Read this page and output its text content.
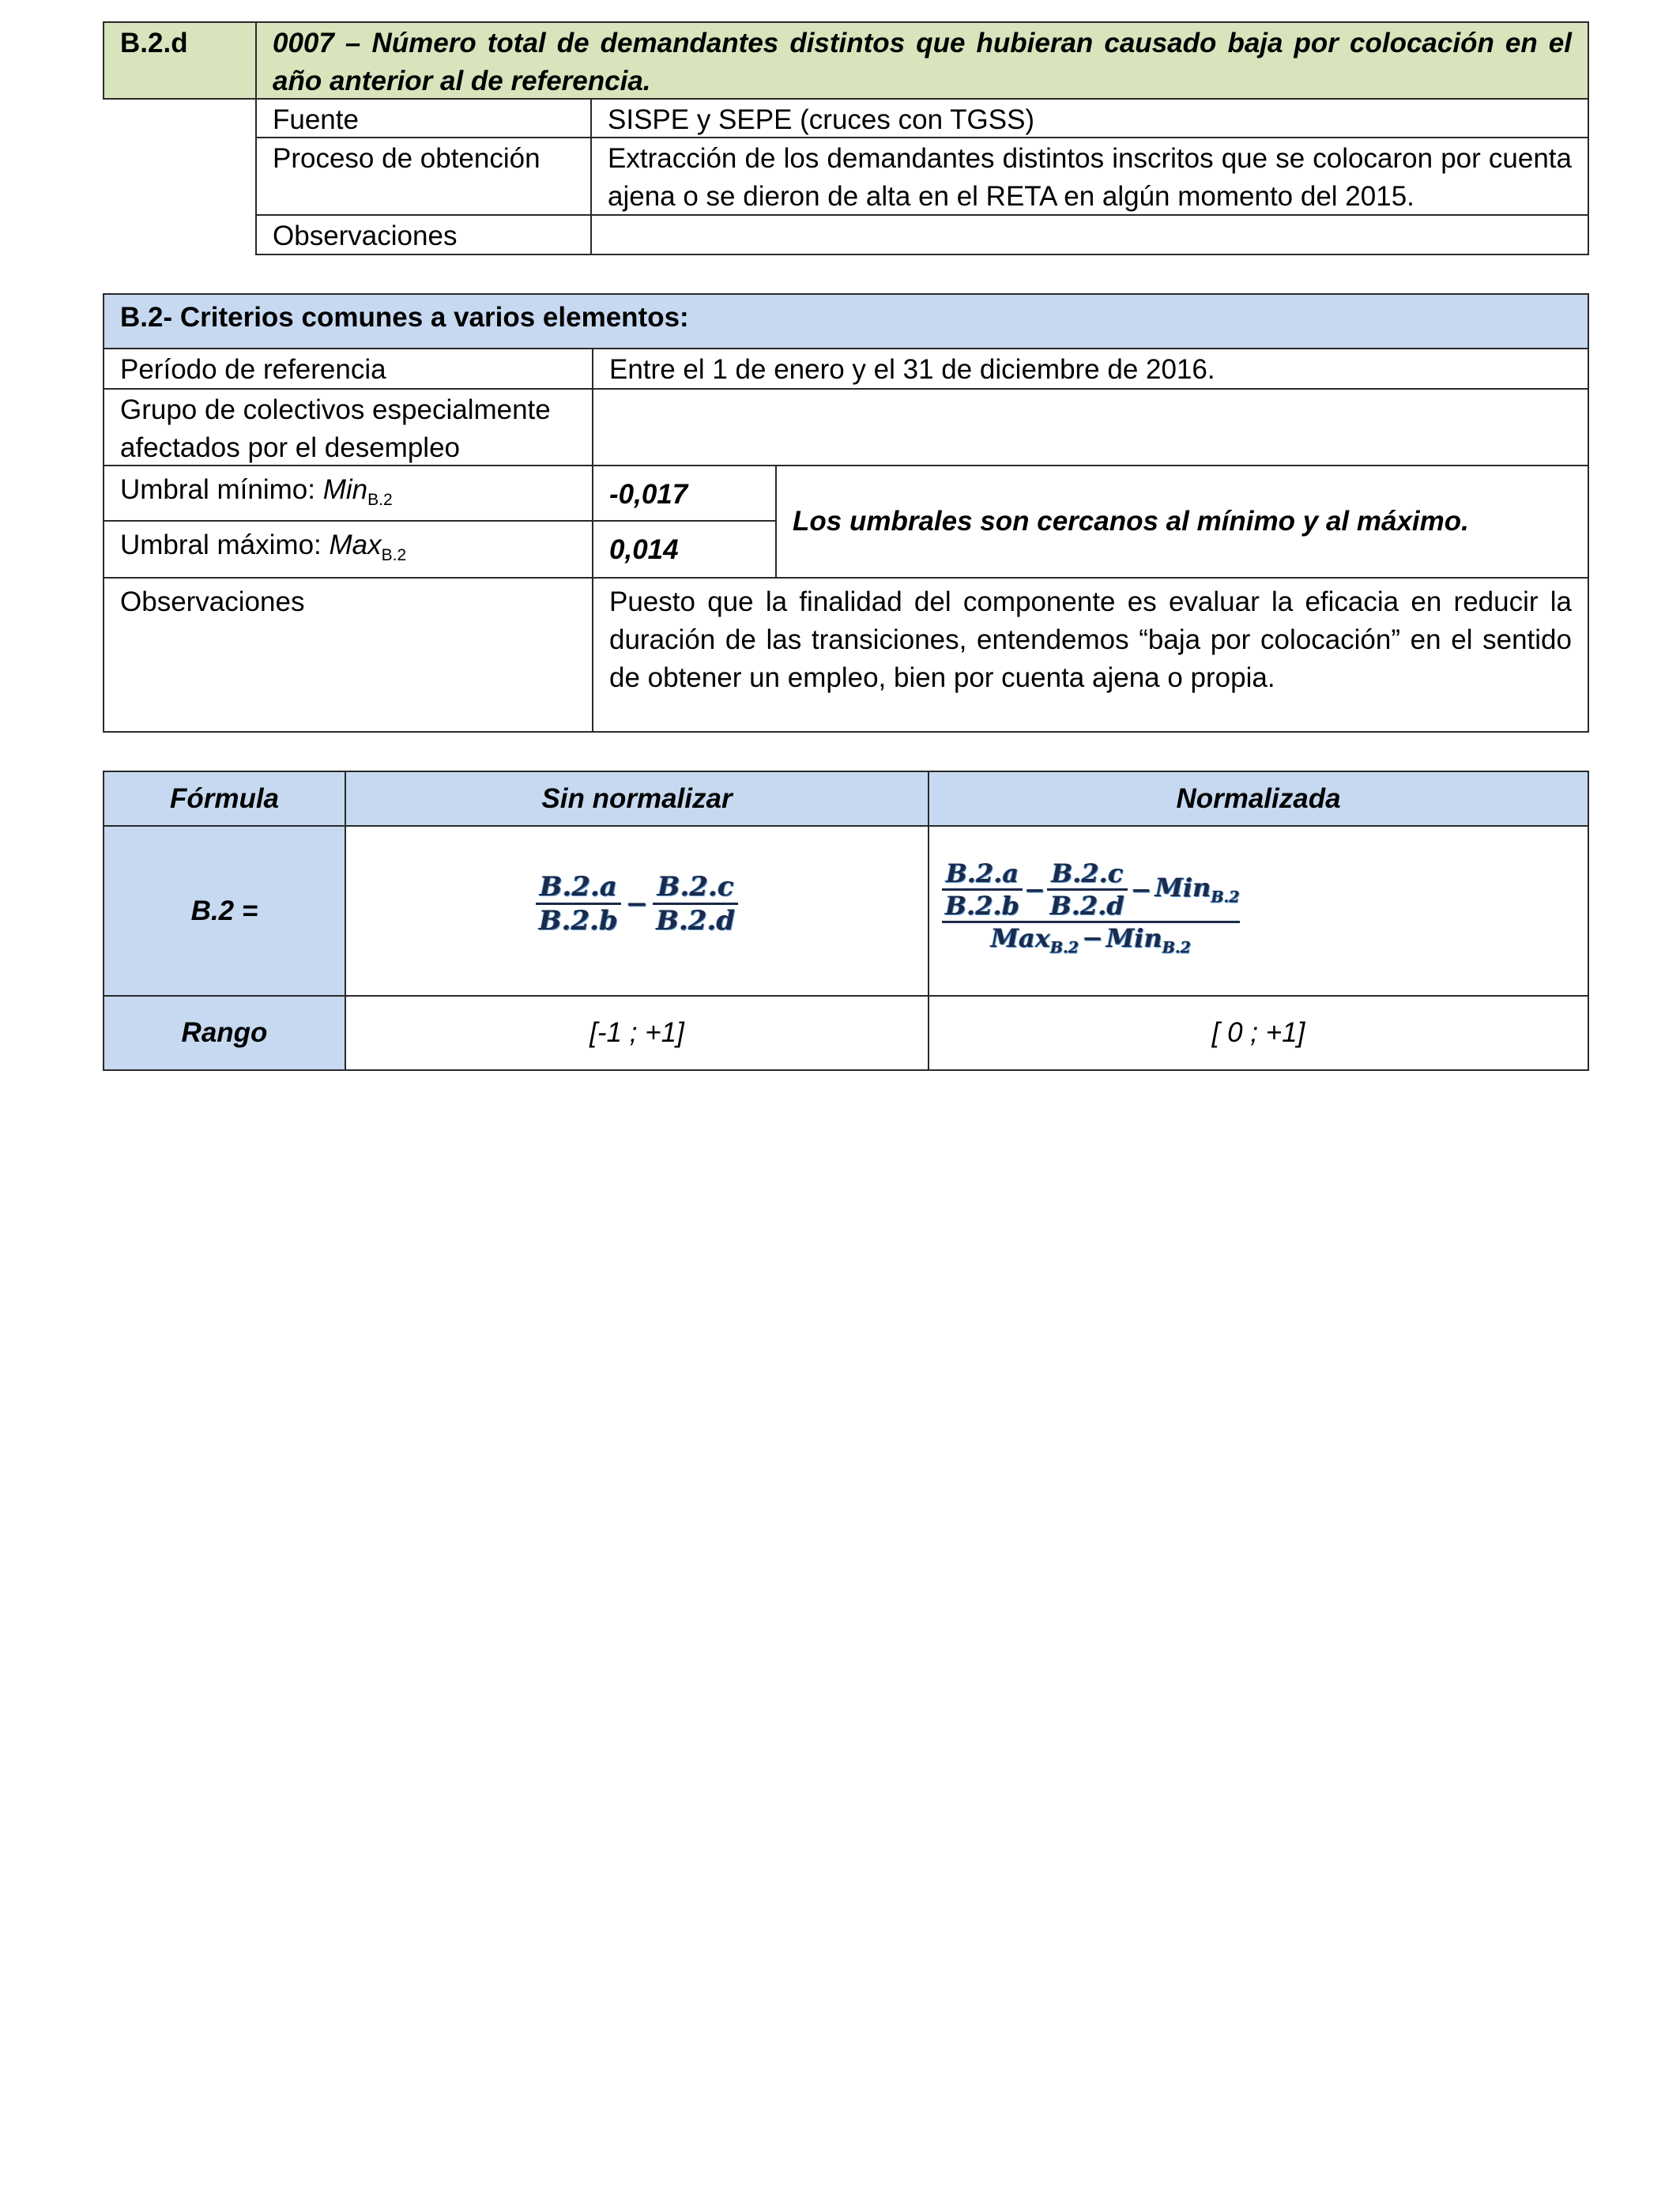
B.2.d	0007 – Número total de demandantes distintos que hubieran causado baja por colocación en el año anterior al de referencia.
Fuente	SISPE y SEPE (cruces con TGSS)
Proceso de obtención	Extracción de los demandantes distintos inscritos que se colocaron por cuenta ajena o se dieron de alta en el RETA en algún momento del 2015.
Observaciones
B.2- Criterios comunes a varios elementos:
Período de referencia	Entre el 1 de enero y el 31 de diciembre de 2016.
Grupo de colectivos especialmente afectados por el desempleo
Umbral mínimo: Min$_{B.2}$	-0,017
Umbral máximo: Max$_{B.2}$	0,014
Los umbrales son cercanos al mínimo y al máximo.
Observaciones	Puesto que la finalidad del componente es evaluar la eficacia en reducir la duración de las transiciones, entendemos “baja por colocación” en el sentido de obtener un empleo, bien por cuenta ajena o propia.
Fórmula	Sin normalizar	Normalizada
B.2 =	$\frac{B.2.a}{B.2.b} - \frac{B.2.c}{B.2.d}$	$\frac{B.2.a}{B.2.b} - \frac{B.2.c}{B.2.d} - Min_{B.2}$
Max$_{B.2}$ − Min$_{B.2}$
Rango	[-1 ; +1]	[ 0 ; +1]
